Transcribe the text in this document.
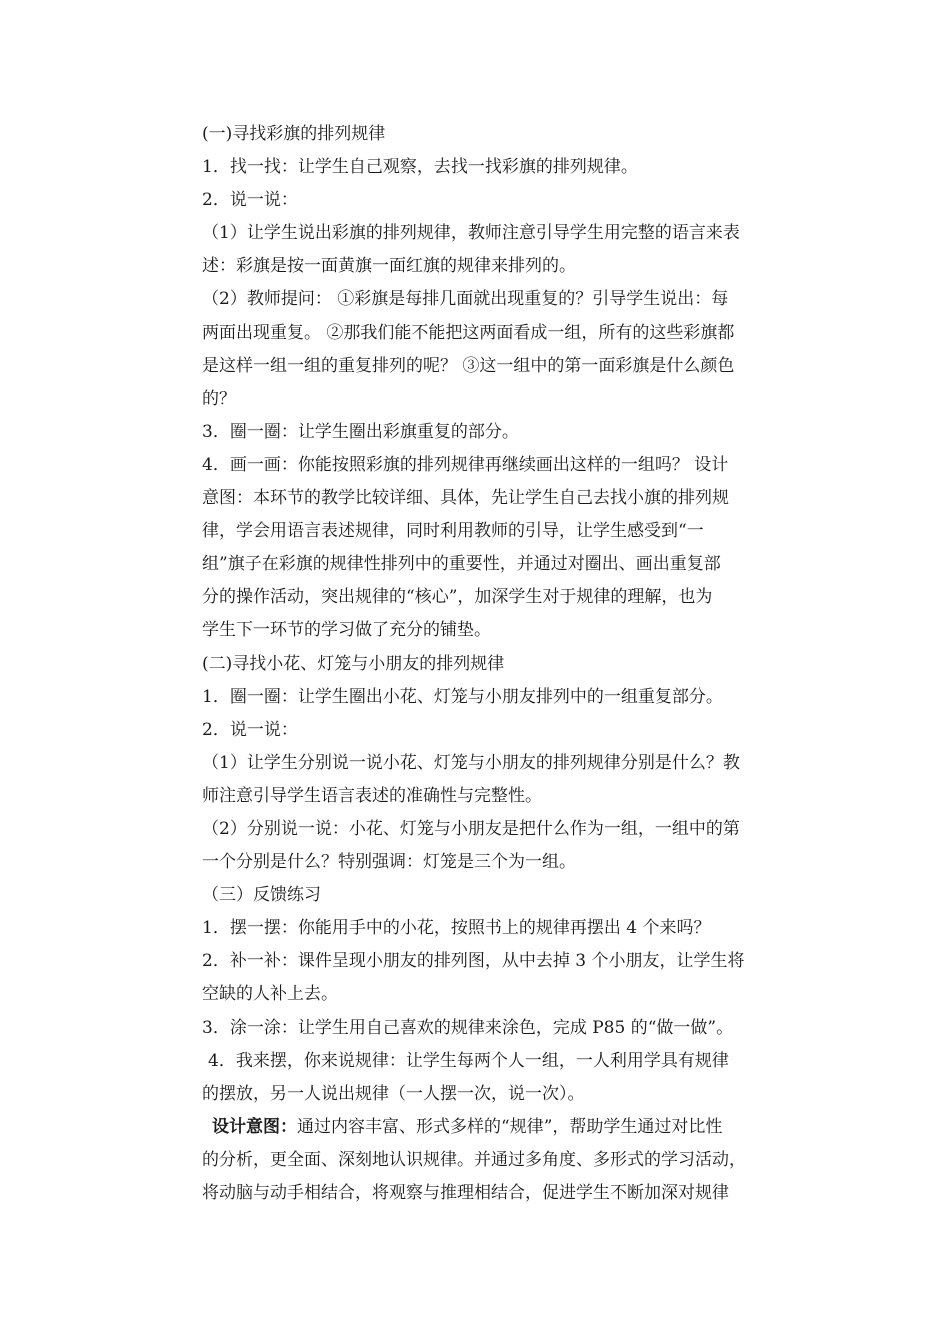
(一)寻找彩旗的排列规律
1．找一找：让学生自己观察，去找一找彩旗的排列规律。
2．说一说：
（1）让学生说出彩旗的排列规律，教师注意引导学生用完整的语言来表
述：彩旗是按一面黄旗一面红旗的规律来排列的。
（2）教师提问： ①彩旗是每排几面就出现重复的？引导学生说出：每
两面出现重复。 ②那我们能不能把这两面看成一组，所有的这些彩旗都
是这样一组一组的重复排列的呢？ ③这一组中的第一面彩旗是什么颜色
的？
3．圈一圈：让学生圈出彩旗重复的部分。
4．画一画：你能按照彩旗的排列规律再继续画出这样的一组吗？ 设计
意图：本环节的教学比较详细、具体，先让学生自己去找小旗的排列规
律，学会用语言表述规律，同时利用教师的引导，让学生感受到“一
组”旗子在彩旗的规律性排列中的重要性，并通过对圈出、画出重复部
分的操作活动，突出规律的“核心”，加深学生对于规律的理解，也为
学生下一环节的学习做了充分的铺垫。
(二)寻找小花、灯笼与小朋友的排列规律
1．圈一圈：让学生圈出小花、灯笼与小朋友排列中的一组重复部分。
2．说一说：
（1）让学生分别说一说小花、灯笼与小朋友的排列规律分别是什么？教
师注意引导学生语言表述的准确性与完整性。
（2）分别说一说：小花、灯笼与小朋友是把什么作为一组，一组中的第
一个分别是什么？特别强调：灯笼是三个为一组。
（三）反馈练习
1．摆一摆：你能用手中的小花，按照书上的规律再摆出 4 个来吗？
2．补一补：课件呈现小朋友的排列图，从中去掉 3 个小朋友，让学生将
空缺的人补上去。
3．涂一涂：让学生用自己喜欢的规律来涂色，完成 P85 的“做一做”。
4．我来摆，你来说规律：让学生每两个人一组，一人利用学具有规律
的摆放，另一人说出规律（一人摆一次，说一次）。
设计意图：通过内容丰富、形式多样的“规律”，帮助学生通过对比性
的分析，更全面、深刻地认识规律。并通过多角度、多形式的学习活动，
将动脑与动手相结合，将观察与推理相结合，促进学生不断加深对规律
